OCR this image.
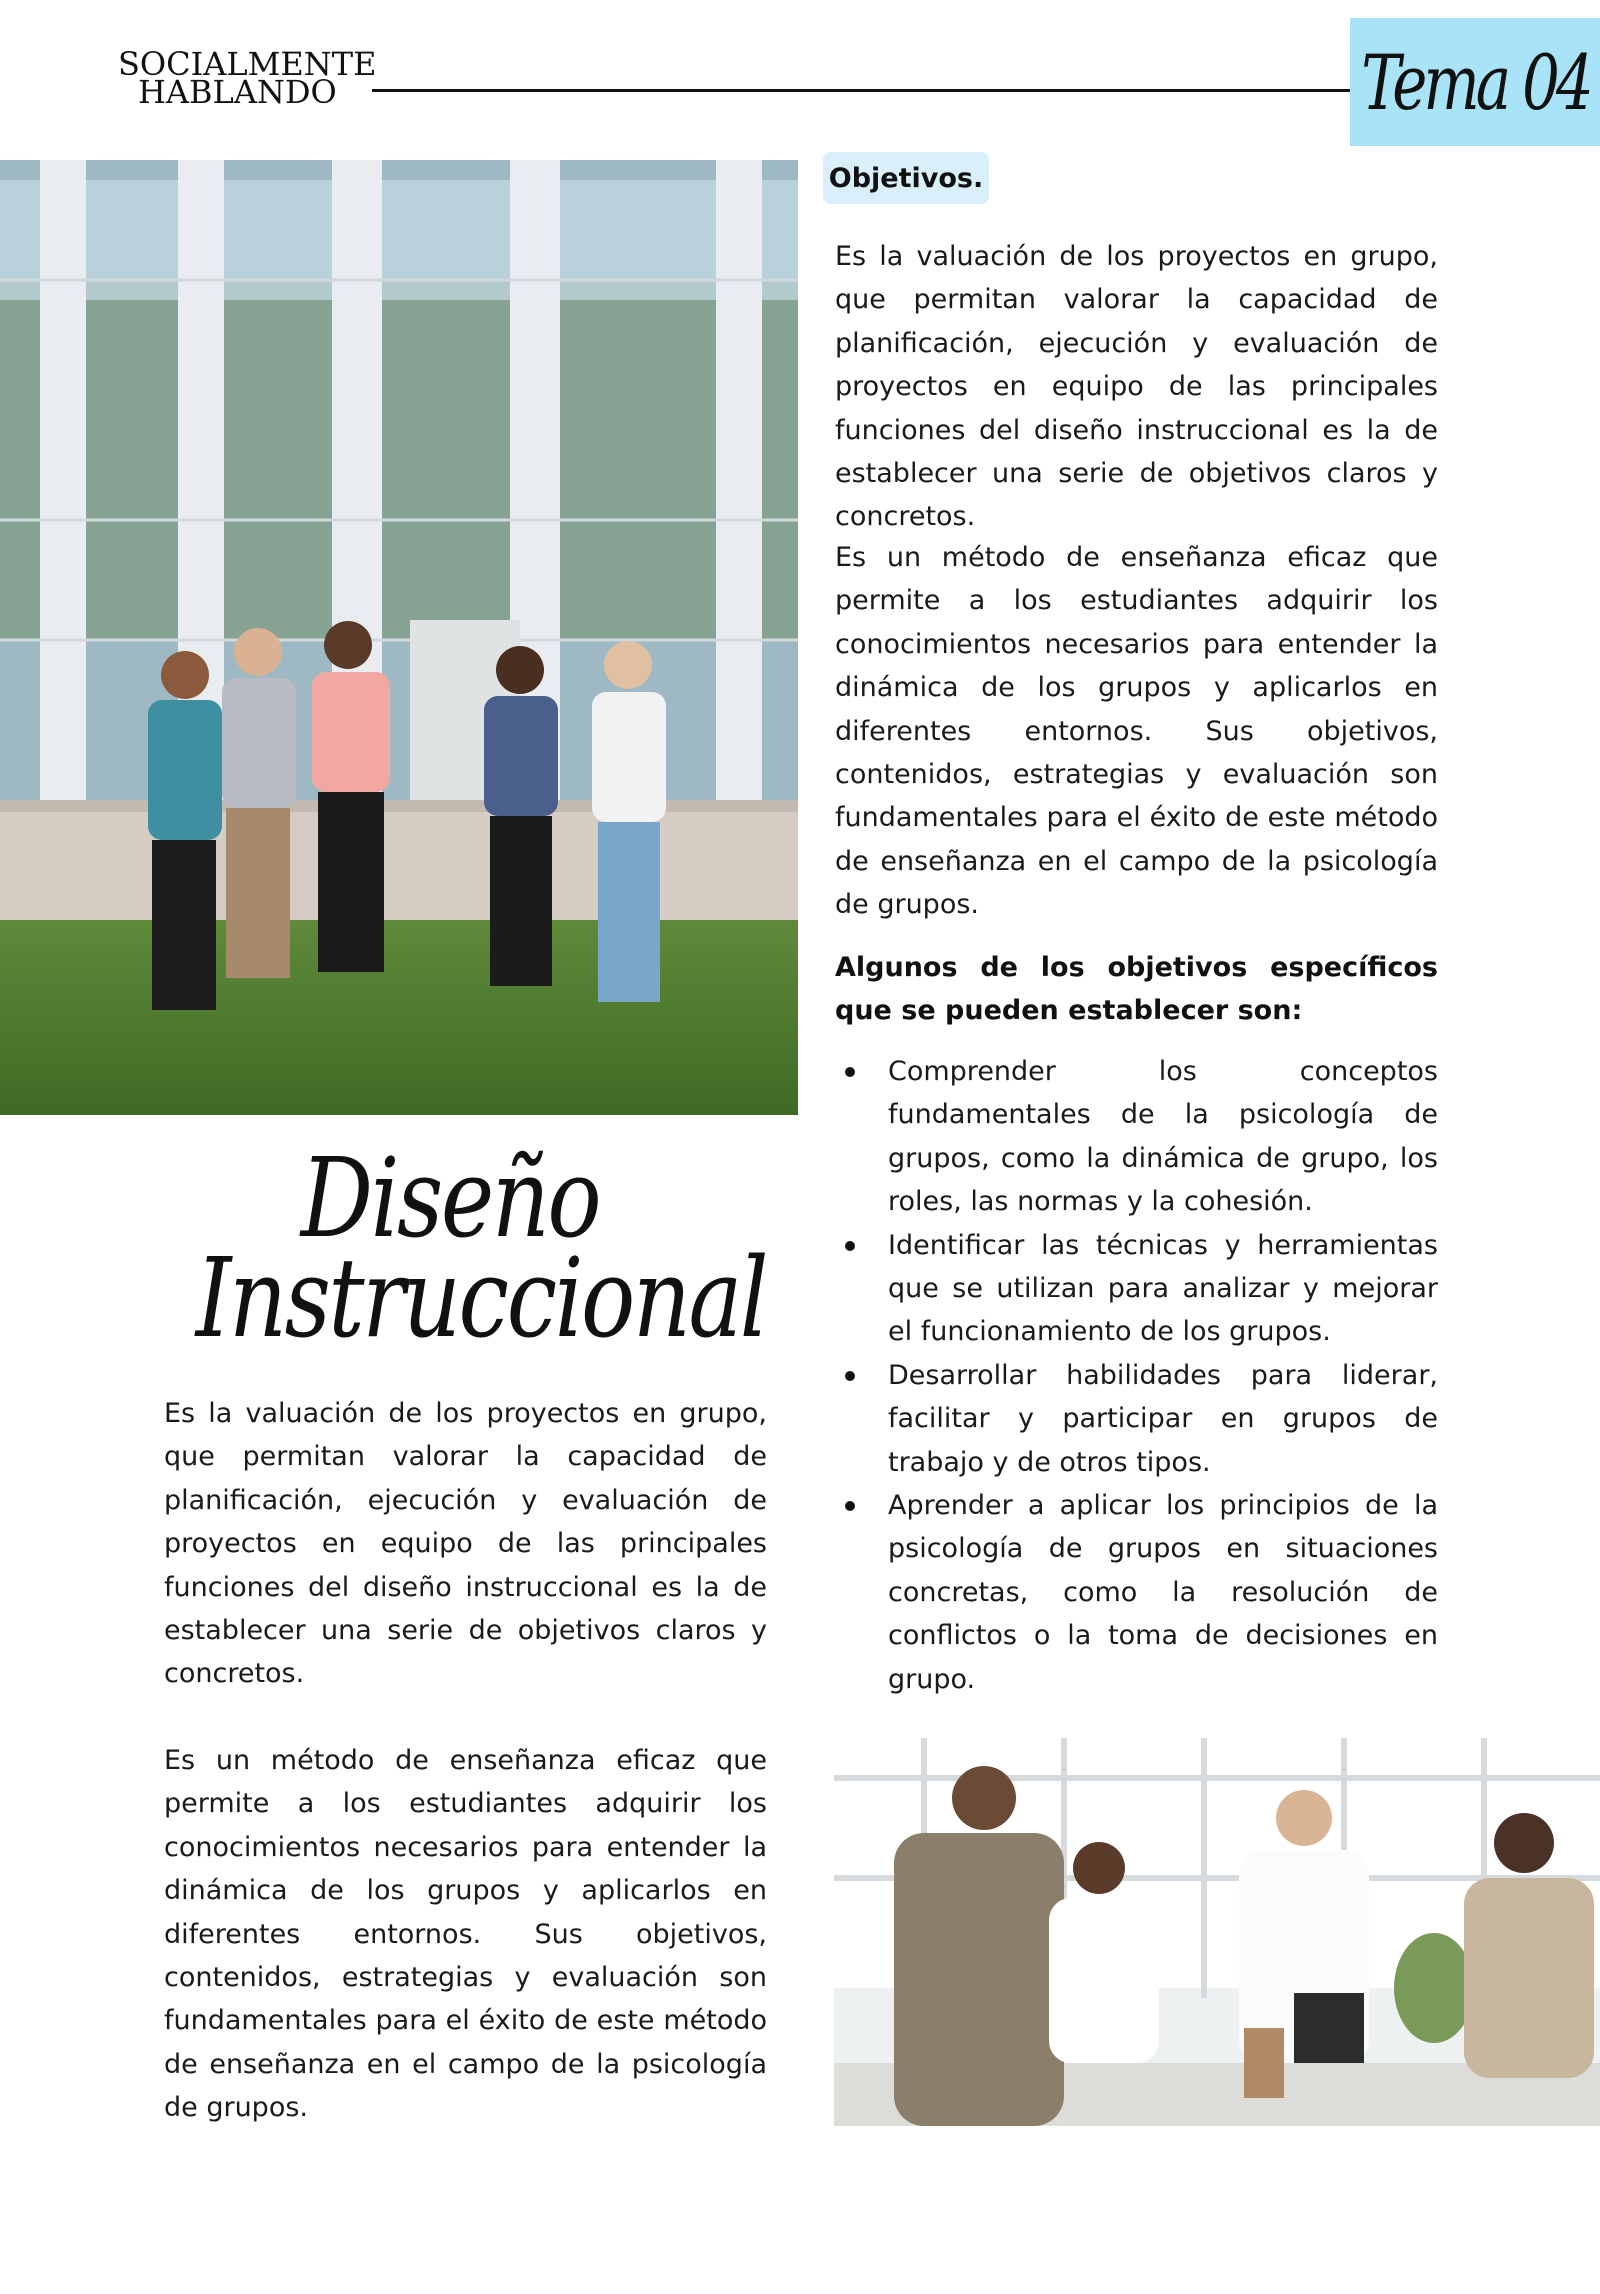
SOCIALMENTE
HABLANDO	Tema 04
Objetivos.

Es la valuación de los proyectos en grupo, que permitan valorar la capacidad de planificación, ejecución y evaluación de proyectos en equipo de las principales funciones del diseño instruccional es la de establecer una serie de objetivos claros y concretos.

Es un método de enseñanza eficaz que permite a los estudiantes adquirir los conocimientos necesarios para entender la dinámica de los grupos y aplicarlos en diferentes entornos. Sus objetivos, contenidos, estrategias y evaluación son fundamentales para el éxito de este método de enseñanza en el campo de la psicología de grupos.

Algunos de los objetivos específicos que se pueden establecer son:

Comprender los conceptos fundamentales de la psicología de grupos, como la dinámica de grupo, los roles, las normas y la cohesión.
Identificar las técnicas y herramientas que se utilizan para analizar y mejorar el funcionamiento de los grupos.
Desarrollar habilidades para liderar, facilitar y participar en grupos de trabajo y de otros tipos.
Aprender a aplicar los principios de la psicología de grupos en situaciones concretas, como la resolución de conflictos o la toma de decisiones en grupo.
Diseño
Instruccional

Es la valuación de los proyectos en grupo, que permitan valorar la capacidad de planificación, ejecución y evaluación de proyectos en equipo de las principales funciones del diseño instruccional es la de establecer una serie de objetivos claros y concretos.

Es un método de enseñanza eficaz que permite a los estudiantes adquirir los conocimientos necesarios para entender la dinámica de los grupos y aplicarlos en diferentes entornos. Sus objetivos, contenidos, estrategias y evaluación son fundamentales para el éxito de este método de enseñanza en el campo de la psicología de grupos.
